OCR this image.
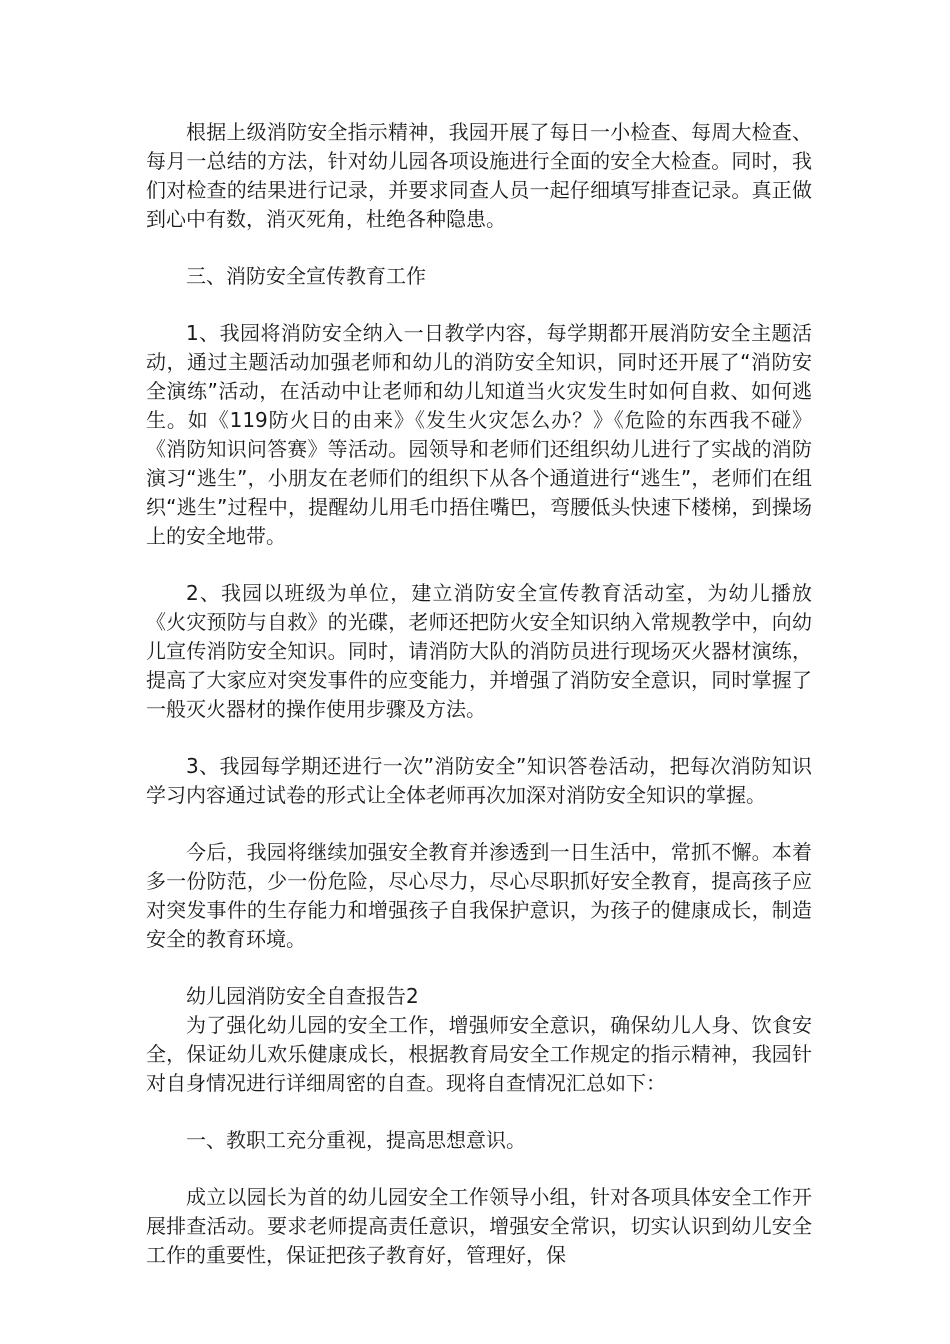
根据上级消防安全指示精神，我园开展了每日一小检查、每周大检查、每月一总结的方法，针对幼儿园各项设施进行全面的安全大检查。同时，我们对检查的结果进行记录，并要求同查人员一起仔细填写排查记录。真正做到心中有数，消灭死角，杜绝各种隐患。

三、消防安全宣传教育工作

1、我园将消防安全纳入一日教学内容，每学期都开展消防安全主题活动，通过主题活动加强老师和幼儿的消防安全知识，同时还开展了“消防安全演练”活动，在活动中让老师和幼儿知道当火灾发生时如何自救、如何逃生。如《119防火日的由来》《发生火灾怎么办？》《危险的东西我不碰》《消防知识问答赛》等活动。园领导和老师们还组织幼儿进行了实战的消防演习“逃生”，小朋友在老师们的组织下从各个通道进行“逃生”，老师们在组织“逃生”过程中，提醒幼儿用毛巾捂住嘴巴，弯腰低头快速下楼梯，到操场上的安全地带。

2、我园以班级为单位，建立消防安全宣传教育活动室，为幼儿播放《火灾预防与自救》的光碟，老师还把防火安全知识纳入常规教学中，向幼儿宣传消防安全知识。同时，请消防大队的消防员进行现场灭火器材演练，提高了大家应对突发事件的应变能力，并增强了消防安全意识，同时掌握了一般灭火器材的操作使用步骤及方法。

3、我园每学期还进行一次”消防安全”知识答卷活动，把每次消防知识学习内容通过试卷的形式让全体老师再次加深对消防安全知识的掌握。

今后，我园将继续加强安全教育并渗透到一日生活中，常抓不懈。本着多一份防范，少一份危险，尽心尽力，尽心尽职抓好安全教育，提高孩子应对突发事件的生存能力和增强孩子自我保护意识，为孩子的健康成长，制造安全的教育环境。

幼儿园消防安全自查报告2

为了强化幼儿园的安全工作，增强师安全意识，确保幼儿人身、饮食安全，保证幼儿欢乐健康成长，根据教育局安全工作规定的指示精神，我园针对自身情况进行详细周密的自查。现将自查情况汇总如下：

一、教职工充分重视，提高思想意识。

成立以园长为首的幼儿园安全工作领导小组，针对各项具体安全工作开展排查活动。要求老师提高责任意识，增强安全常识，切实认识到幼儿安全工作的重要性，保证把孩子教育好，管理好，保
